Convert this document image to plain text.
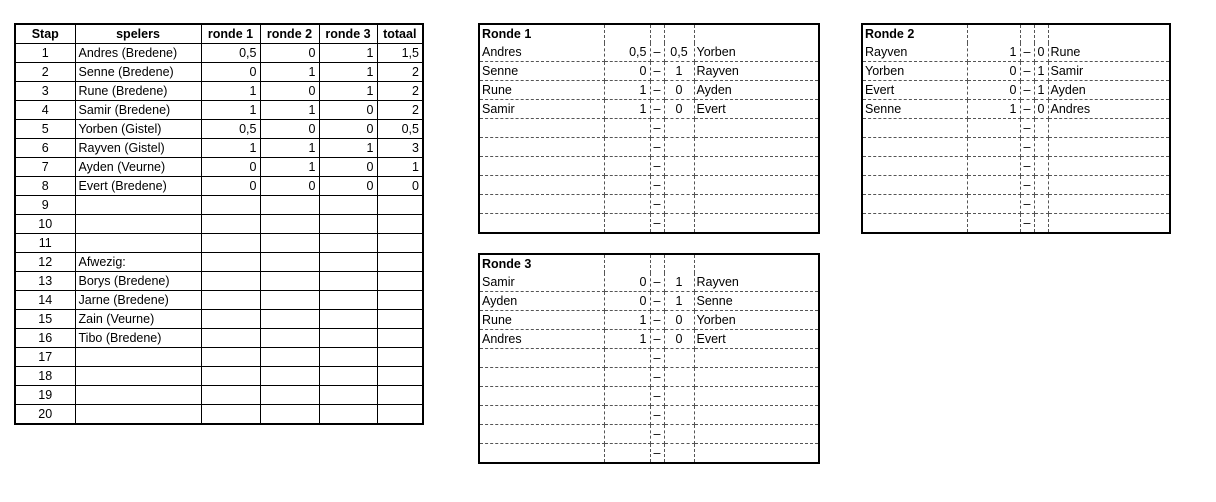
Stap	spelers	ronde 1	ronde 2	ronde 3	totaal
1	Andres (Bredene)	0,5	0	1	1,5
2	Senne (Bredene)	0	1	1	2
3	Rune (Bredene)	1	0	1	2
4	Samir (Bredene)	1	1	0	2
5	Yorben (Gistel)	0,5	0	0	0,5
6	Rayven (Gistel)	1	1	1	3
7	Ayden (Veurne)	0	1	0	1
8	Evert (Bredene)	0	0	0	0
9					
10					
11					
12	Afwezig:				
13	Borys (Bredene)				
14	Jarne (Bredene)				
15	Zain (Veurne)				
16	Tibo (Bredene)				
17					
18					
19					
20					
Ronde 1				
Andres	0,5	–	0,5	Yorben
Senne	0	–	1	Rayven
Rune	1	–	0	Ayden
Samir	1	–	0	Evert
		–		
		–		
		–		
		–		
		–		
		–		
Ronde 3				
Samir	0	–	1	Rayven
Ayden	0	–	1	Senne
Rune	1	–	0	Yorben
Andres	1	–	0	Evert
		–		
		–		
		–		
		–		
		–		
		–		
Ronde 2				
Rayven	1	–	0	Rune
Yorben	0	–	1	Samir
Evert	0	–	1	Ayden
Senne	1	–	0	Andres
		–		
		–		
		–		
		–		
		–		
		–		
